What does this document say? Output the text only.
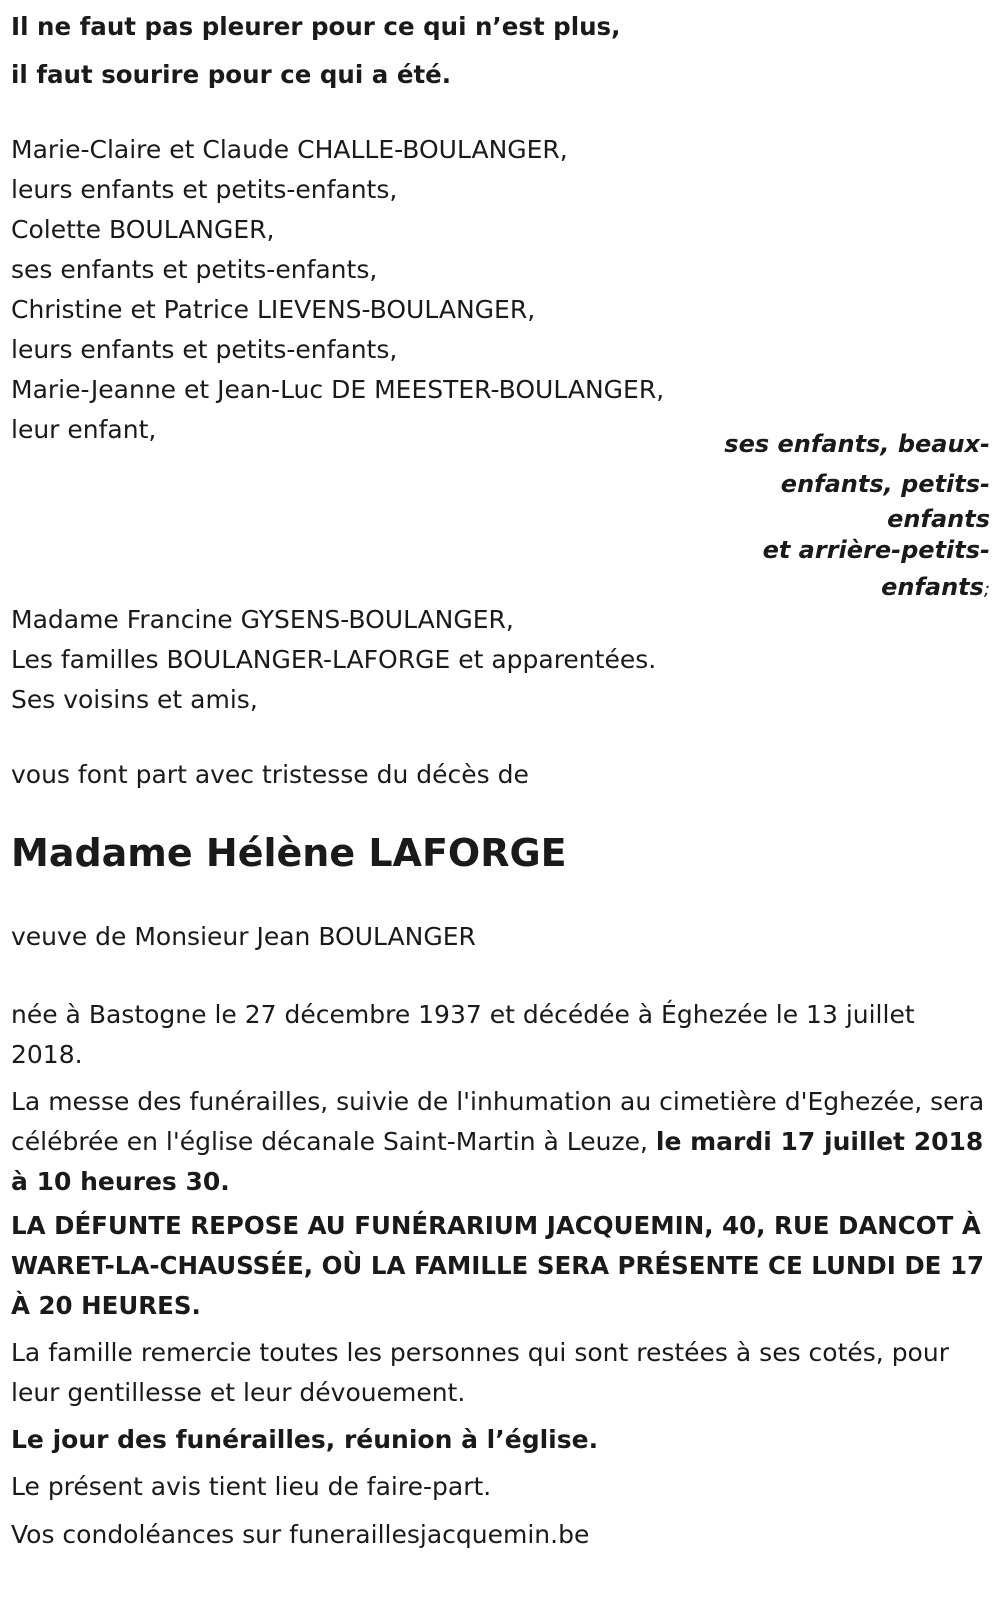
Il ne faut pas pleurer pour ce qui n’est plus,
il faut sourire pour ce qui a été.
Marie-Claire et Claude CHALLE-BOULANGER,
leurs enfants et petits-enfants,
Colette BOULANGER,
ses enfants et petits-enfants,
Christine et Patrice LIEVENS-BOULANGER,
leurs enfants et petits-enfants,
Marie-Jeanne et Jean-Luc DE MEESTER-BOULANGER,
leur enfant,	ses enfants, beaux-
enfants, petits-
enfants
et arrière-petits-
enfants;
Madame Francine GYSENS-BOULANGER,
Les familles BOULANGER-LAFORGE et apparentées.
Ses voisins et amis,
vous font part avec tristesse du décès de
Madame Hélène LAFORGE
veuve de Monsieur Jean BOULANGER
née à Bastogne le 27 décembre 1937 et décédée à Éghezée le 13 juillet 2018.
La messe des funérailles, suivie de l'inhumation au cimetière d'Eghezée, sera célébrée en l'église décanale Saint-Martin à Leuze, le mardi 17 juillet 2018 à 10 heures 30.
LA DÉFUNTE REPOSE AU FUNÉRARIUM JACQUEMIN, 40, RUE DANCOT À WARET-LA-CHAUSSÉE, OÙ LA FAMILLE SERA PRÉSENTE CE LUNDI DE 17 À 20 HEURES.
La famille remercie toutes les personnes qui sont restées à ses cotés, pour leur gentillesse et leur dévouement.
Le jour des funérailles, réunion à l’église.
Le présent avis tient lieu de faire-part.
Vos condoléances sur funeraillesjacquemin.be
